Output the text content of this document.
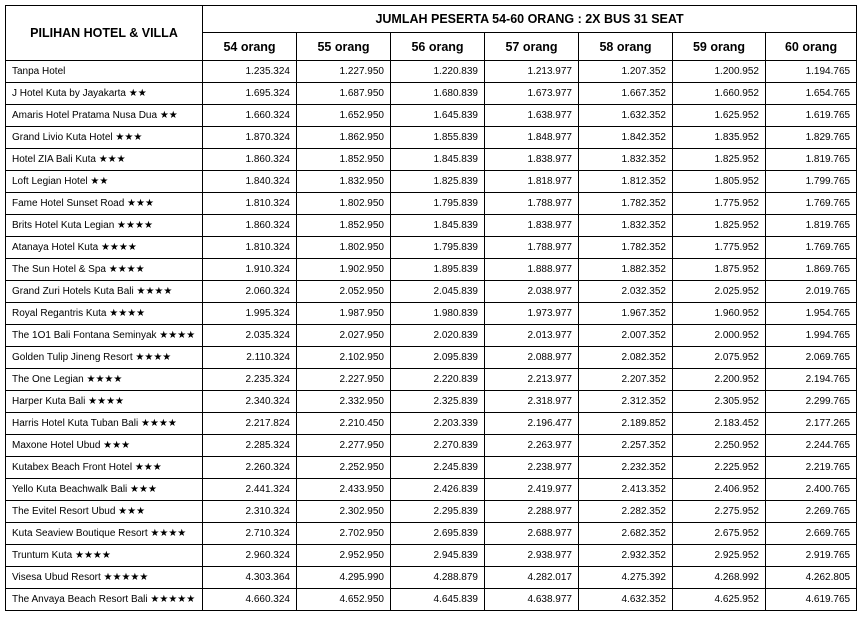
PILIHAN HOTEL & VILLA	JUMLAH PESERTA 54-60 ORANG : 2X BUS 31 SEAT						
	54 orang	55 orang	56 orang	57 orang	58 orang	59 orang	60 orang
Tanpa Hotel	1.235.324	1.227.950	1.220.839	1.213.977	1.207.352	1.200.952	1.194.765
J Hotel Kuta by Jayakarta ★★	1.695.324	1.687.950	1.680.839	1.673.977	1.667.352	1.660.952	1.654.765
Amaris Hotel Pratama Nusa Dua ★★	1.660.324	1.652.950	1.645.839	1.638.977	1.632.352	1.625.952	1.619.765
Grand Livio Kuta Hotel ★★★	1.870.324	1.862.950	1.855.839	1.848.977	1.842.352	1.835.952	1.829.765
Hotel ZIA Bali Kuta ★★★	1.860.324	1.852.950	1.845.839	1.838.977	1.832.352	1.825.952	1.819.765
Loft Legian Hotel ★★	1.840.324	1.832.950	1.825.839	1.818.977	1.812.352	1.805.952	1.799.765
Fame Hotel Sunset Road ★★★	1.810.324	1.802.950	1.795.839	1.788.977	1.782.352	1.775.952	1.769.765
Brits Hotel Kuta Legian ★★★★	1.860.324	1.852.950	1.845.839	1.838.977	1.832.352	1.825.952	1.819.765
Atanaya Hotel Kuta ★★★★	1.810.324	1.802.950	1.795.839	1.788.977	1.782.352	1.775.952	1.769.765
The Sun Hotel & Spa ★★★★	1.910.324	1.902.950	1.895.839	1.888.977	1.882.352	1.875.952	1.869.765
Grand Zuri Hotels Kuta Bali ★★★★	2.060.324	2.052.950	2.045.839	2.038.977	2.032.352	2.025.952	2.019.765
Royal Regantris Kuta ★★★★	1.995.324	1.987.950	1.980.839	1.973.977	1.967.352	1.960.952	1.954.765
The 1O1 Bali Fontana Seminyak ★★★★	2.035.324	2.027.950	2.020.839	2.013.977	2.007.352	2.000.952	1.994.765
Golden Tulip Jineng Resort ★★★★	2.110.324	2.102.950	2.095.839	2.088.977	2.082.352	2.075.952	2.069.765
The One Legian ★★★★	2.235.324	2.227.950	2.220.839	2.213.977	2.207.352	2.200.952	2.194.765
Harper Kuta Bali ★★★★	2.340.324	2.332.950	2.325.839	2.318.977	2.312.352	2.305.952	2.299.765
Harris Hotel Kuta Tuban Bali ★★★★	2.217.824	2.210.450	2.203.339	2.196.477	2.189.852	2.183.452	2.177.265
Maxone Hotel Ubud ★★★	2.285.324	2.277.950	2.270.839	2.263.977	2.257.352	2.250.952	2.244.765
Kutabex Beach Front Hotel ★★★	2.260.324	2.252.950	2.245.839	2.238.977	2.232.352	2.225.952	2.219.765
Yello Kuta Beachwalk Bali ★★★	2.441.324	2.433.950	2.426.839	2.419.977	2.413.352	2.406.952	2.400.765
The Evitel Resort Ubud ★★★	2.310.324	2.302.950	2.295.839	2.288.977	2.282.352	2.275.952	2.269.765
Kuta Seaview Boutique Resort ★★★★	2.710.324	2.702.950	2.695.839	2.688.977	2.682.352	2.675.952	2.669.765
Truntum Kuta ★★★★	2.960.324	2.952.950	2.945.839	2.938.977	2.932.352	2.925.952	2.919.765
Visesa Ubud Resort ★★★★★	4.303.364	4.295.990	4.288.879	4.282.017	4.275.392	4.268.992	4.262.805
The Anvaya Beach Resort Bali ★★★★★	4.660.324	4.652.950	4.645.839	4.638.977	4.632.352	4.625.952	4.619.765
